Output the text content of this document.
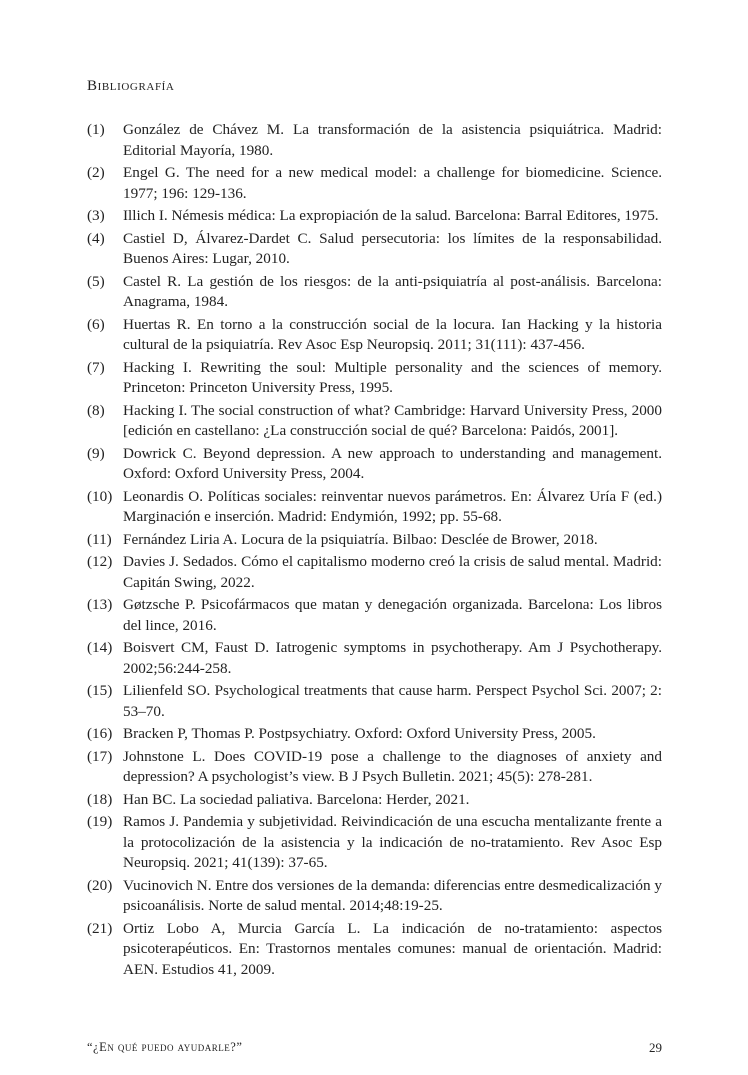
Bibliografía
(1)	González de Chávez M. La transformación de la asistencia psiquiátrica. Madrid: Editorial Mayoría, 1980.
(2)	Engel G. The need for a new medical model: a challenge for biomedicine. Science. 1977; 196: 129-136.
(3)	Illich I. Némesis médica: La expropiación de la salud. Barcelona: Barral Editores, 1975.
(4)	Castiel D, Álvarez-Dardet C. Salud persecutoria: los límites de la responsabilidad. Buenos Aires: Lugar, 2010.
(5)	Castel R. La gestión de los riesgos: de la anti-psiquiatría al post-análisis. Barcelona: Anagrama, 1984.
(6)	Huertas R. En torno a la construcción social de la locura. Ian Hacking y la historia cultural de la psiquiatría. Rev Asoc Esp Neuropsiq. 2011; 31(111): 437-456.
(7)	Hacking I. Rewriting the soul: Multiple personality and the sciences of memory. Princeton: Princeton University Press, 1995.
(8)	Hacking I. The social construction of what? Cambridge: Harvard University Press, 2000 [edición en castellano: ¿La construcción social de qué? Barcelona: Paidós, 2001].
(9)	Dowrick C. Beyond depression. A new approach to understanding and management. Oxford: Oxford University Press, 2004.
(10) Leonardis O. Políticas sociales: reinventar nuevos parámetros. En: Álvarez Uría F (ed.) Marginación e inserción. Madrid: Endymión, 1992; pp. 55-68.
(11) Fernández Liria A. Locura de la psiquiatría. Bilbao: Desclée de Brower, 2018.
(12) Davies J. Sedados. Cómo el capitalismo moderno creó la crisis de salud mental. Madrid: Capitán Swing, 2022.
(13) Gøtzsche P. Psicofármacos que matan y denegación organizada. Barcelona: Los libros del lince, 2016.
(14) Boisvert CM, Faust D. Iatrogenic symptoms in psychotherapy. Am J Psychotherapy. 2002;56:244-258.
(15) Lilienfeld SO. Psychological treatments that cause harm. Perspect Psychol Sci. 2007; 2: 53–70.
(16) Bracken P, Thomas P. Postpsychiatry. Oxford: Oxford University Press, 2005.
(17) Johnstone L. Does COVID-19 pose a challenge to the diagnoses of anxiety and depression? A psychologist’s view. B J Psych Bulletin. 2021; 45(5): 278-281.
(18) Han BC. La sociedad paliativa. Barcelona: Herder, 2021.
(19) Ramos J. Pandemia y subjetividad. Reivindicación de una escucha mentalizante frente a la protocolización de la asistencia y la indicación de no-tratamiento. Rev Asoc Esp Neuropsiq. 2021; 41(139): 37-65.
(20) Vucinovich N. Entre dos versiones de la demanda: diferencias entre desmedicalización y psicoanálisis. Norte de salud mental. 2014;48:19-25.
(21) Ortiz Lobo A, Murcia García L. La indicación de no-tratamiento: aspectos psicoterapéuticos. En: Trastornos mentales comunes: manual de orientación. Madrid: AEN. Estudios 41, 2009.
“¿En qué puedo ayudarle?”	29
